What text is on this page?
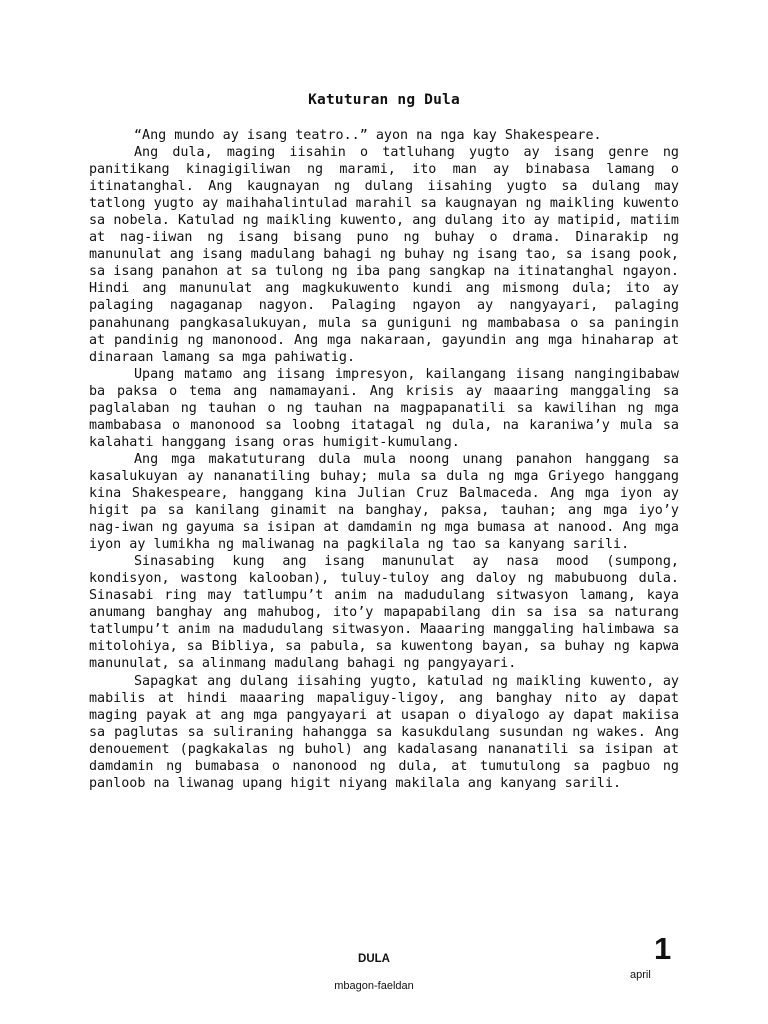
Katuturan ng Dula

“Ang mundo ay isang teatro..” ayon na nga kay Shakespeare.

Ang dula, maging iisahin o tatluhang yugto ay isang genre ng panitikang kinagigiliwan ng marami, ito man ay binabasa lamang o itinatanghal. Ang kaugnayan ng dulang iisahing yugto sa dulang may tatlong yugto ay maihahalintulad marahil sa kaugnayan ng maikling kuwento sa nobela. Katulad ng maikling kuwento, ang dulang ito ay matipid, matiim at nag-iiwan ng isang bisang puno ng buhay o drama. Dinarakip ng manunulat ang isang madulang bahagi ng buhay ng isang tao, sa isang pook, sa isang panahon at sa tulong ng iba pang sangkap na itinatanghal ngayon. Hindi ang manunulat ang magkukuwento kundi ang mismong dula; ito ay palaging nagaganap nagyon. Palaging ngayon ay nangyayari, palaging panahunang pangkasalukuyan, mula sa guniguni ng mambabasa o sa paningin at pandinig ng manonood. Ang mga nakaraan, gayundin ang mga hinaharap at dinaraan lamang sa mga pahiwatig.

Upang matamo ang iisang impresyon, kailangang iisang nangingibabaw ba paksa o tema ang namamayani. Ang krisis ay maaaring manggaling sa paglalaban ng tauhan o ng tauhan na magpapanatili sa kawilihan ng mga mambabasa o manonood sa loobng itatagal ng dula, na karaniwa’y mula sa kalahati hanggang isang oras humigit-kumulang.

Ang mga makatuturang dula mula noong unang panahon hanggang sa kasalukuyan ay nananatiling buhay; mula sa dula ng mga Griyego hanggang kina Shakespeare, hanggang kina Julian Cruz Balmaceda. Ang mga iyon ay higit pa sa kanilang ginamit na banghay, paksa, tauhan; ang mga iyo’y nag-iwan ng gayuma sa isipan at damdamin ng mga bumasa at nanood. Ang mga iyon ay lumikha ng maliwanag na pagkilala ng tao sa kanyang sarili.

Sinasabing kung ang isang manunulat ay nasa mood (sumpong, kondisyon, wastong kalooban), tuluy-tuloy ang daloy ng mabubuong dula. Sinasabi ring may tatlumpu’t anim na madudulang sitwasyon lamang, kaya anumang banghay ang mahubog, ito’y mapapabilang din sa isa sa naturang tatlumpu’t anim na madudulang sitwasyon. Maaaring manggaling halimbawa sa mitolohiya, sa Bibliya, sa pabula, sa kuwentong bayan, sa buhay ng kapwa manunulat, sa alinmang madulang bahagi ng pangyayari.

Sapagkat ang dulang iisahing yugto, katulad ng maikling kuwento, ay mabilis at hindi maaaring mapaliguy-ligoy, ang banghay nito ay dapat maging payak at ang mga pangyayari at usapan o diyalogo ay dapat makiisa sa paglutas sa suliraning hahangga sa kasukdulang susundan ng wakes. Ang denouement (pagkakalas ng buhol) ang kadalasang nananatili sa isipan at damdamin ng bumabasa o nanonood ng dula, at tumutulong sa pagbuo ng panloob na liwanag upang higit niyang makilala ang kanyang sarili.

DULA	1
april
mbagon-faeldan
